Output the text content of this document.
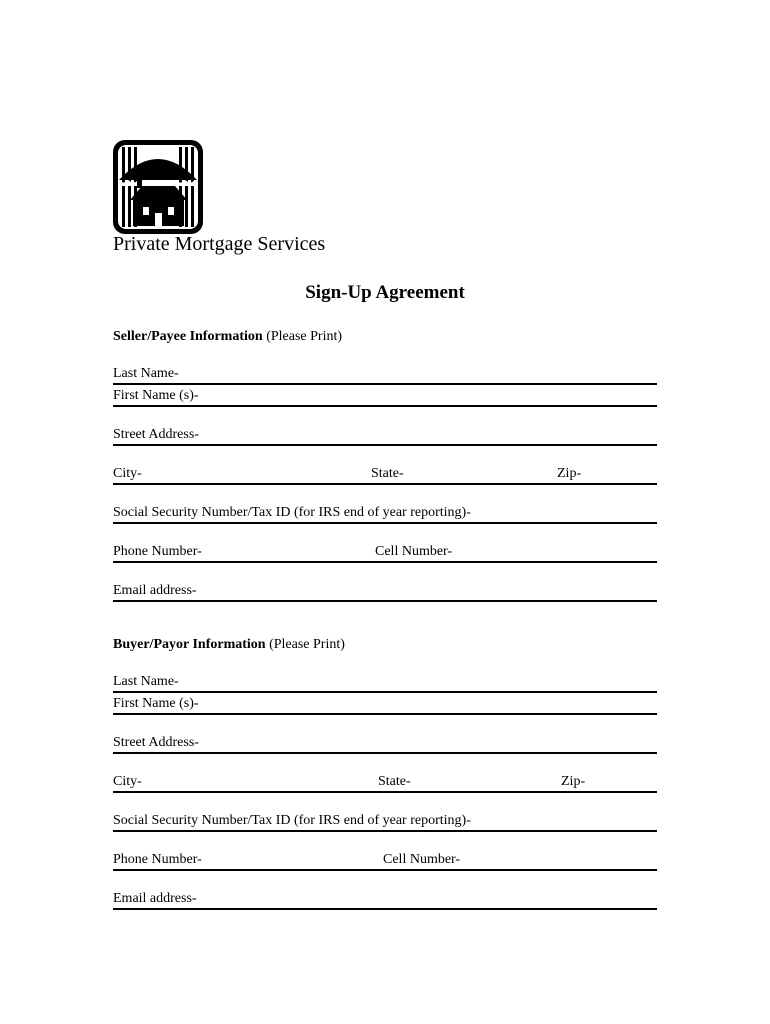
Private Mortgage Services
Sign-Up Agreement
Seller/Payee Information (Please Print)
Last Name-
First Name (s)-
Street Address-
City-	State-	Zip-
Social Security Number/Tax ID (for IRS end of year reporting)-
Phone Number-	Cell Number-
Email address-
Buyer/Payor Information (Please Print)
Last Name-
First Name (s)-
Street Address-
City-	State-	Zip-
Social Security Number/Tax ID (for IRS end of year reporting)-
Phone Number-	Cell Number-
Email address-
